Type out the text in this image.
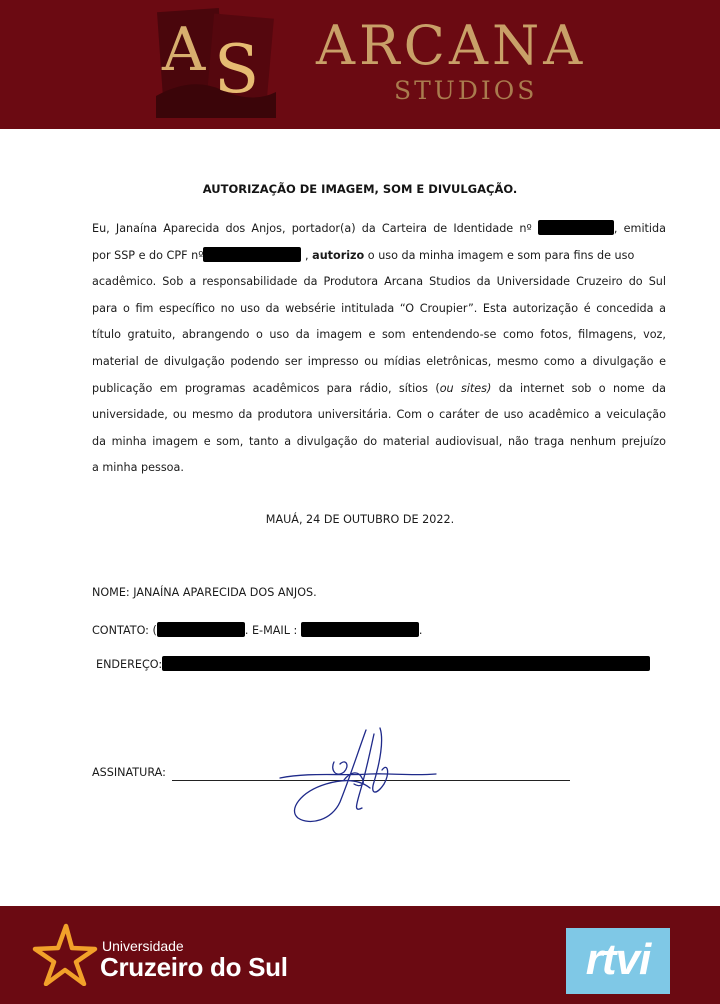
A S ARCANA
STUDIOS
AUTORIZAÇÃO DE IMAGEM, SOM E DIVULGAÇÃO.
Eu, Janaína Aparecida dos Anjos, portador(a) da Carteira de Identidade nº	, emitida
por SSP e do CPF nº	, autorizo o uso da minha imagem e som para fins de uso
acadêmico. Sob a responsabilidade da Produtora Arcana Studios da Universidade Cruzeiro do Sul
para o fim específico no uso da websérie intitulada “O Croupier”. Esta autorização é concedida a
título gratuito, abrangendo o uso da imagem e som entendendo-se como fotos, filmagens, voz,
material de divulgação podendo ser impresso ou mídias eletrônicas, mesmo como a divulgação e
publicação em programas acadêmicos para rádio, sítios (ou sites) da internet sob o nome da
universidade, ou mesmo da produtora universitária. Com o caráter de uso acadêmico a veiculação
da minha imagem e som, tanto a divulgação do material audiovisual, não traga nenhum prejuízo
a minha pessoa.
MAUÁ, 24 DE OUTUBRO DE 2022.
NOME: JANAÍNA APARECIDA DOS ANJOS.
CONTATO: (	. E-MAIL :	.
ENDEREÇO:
ASSINATURA:
Universidade
Cruzeiro do Sul	rtvi
